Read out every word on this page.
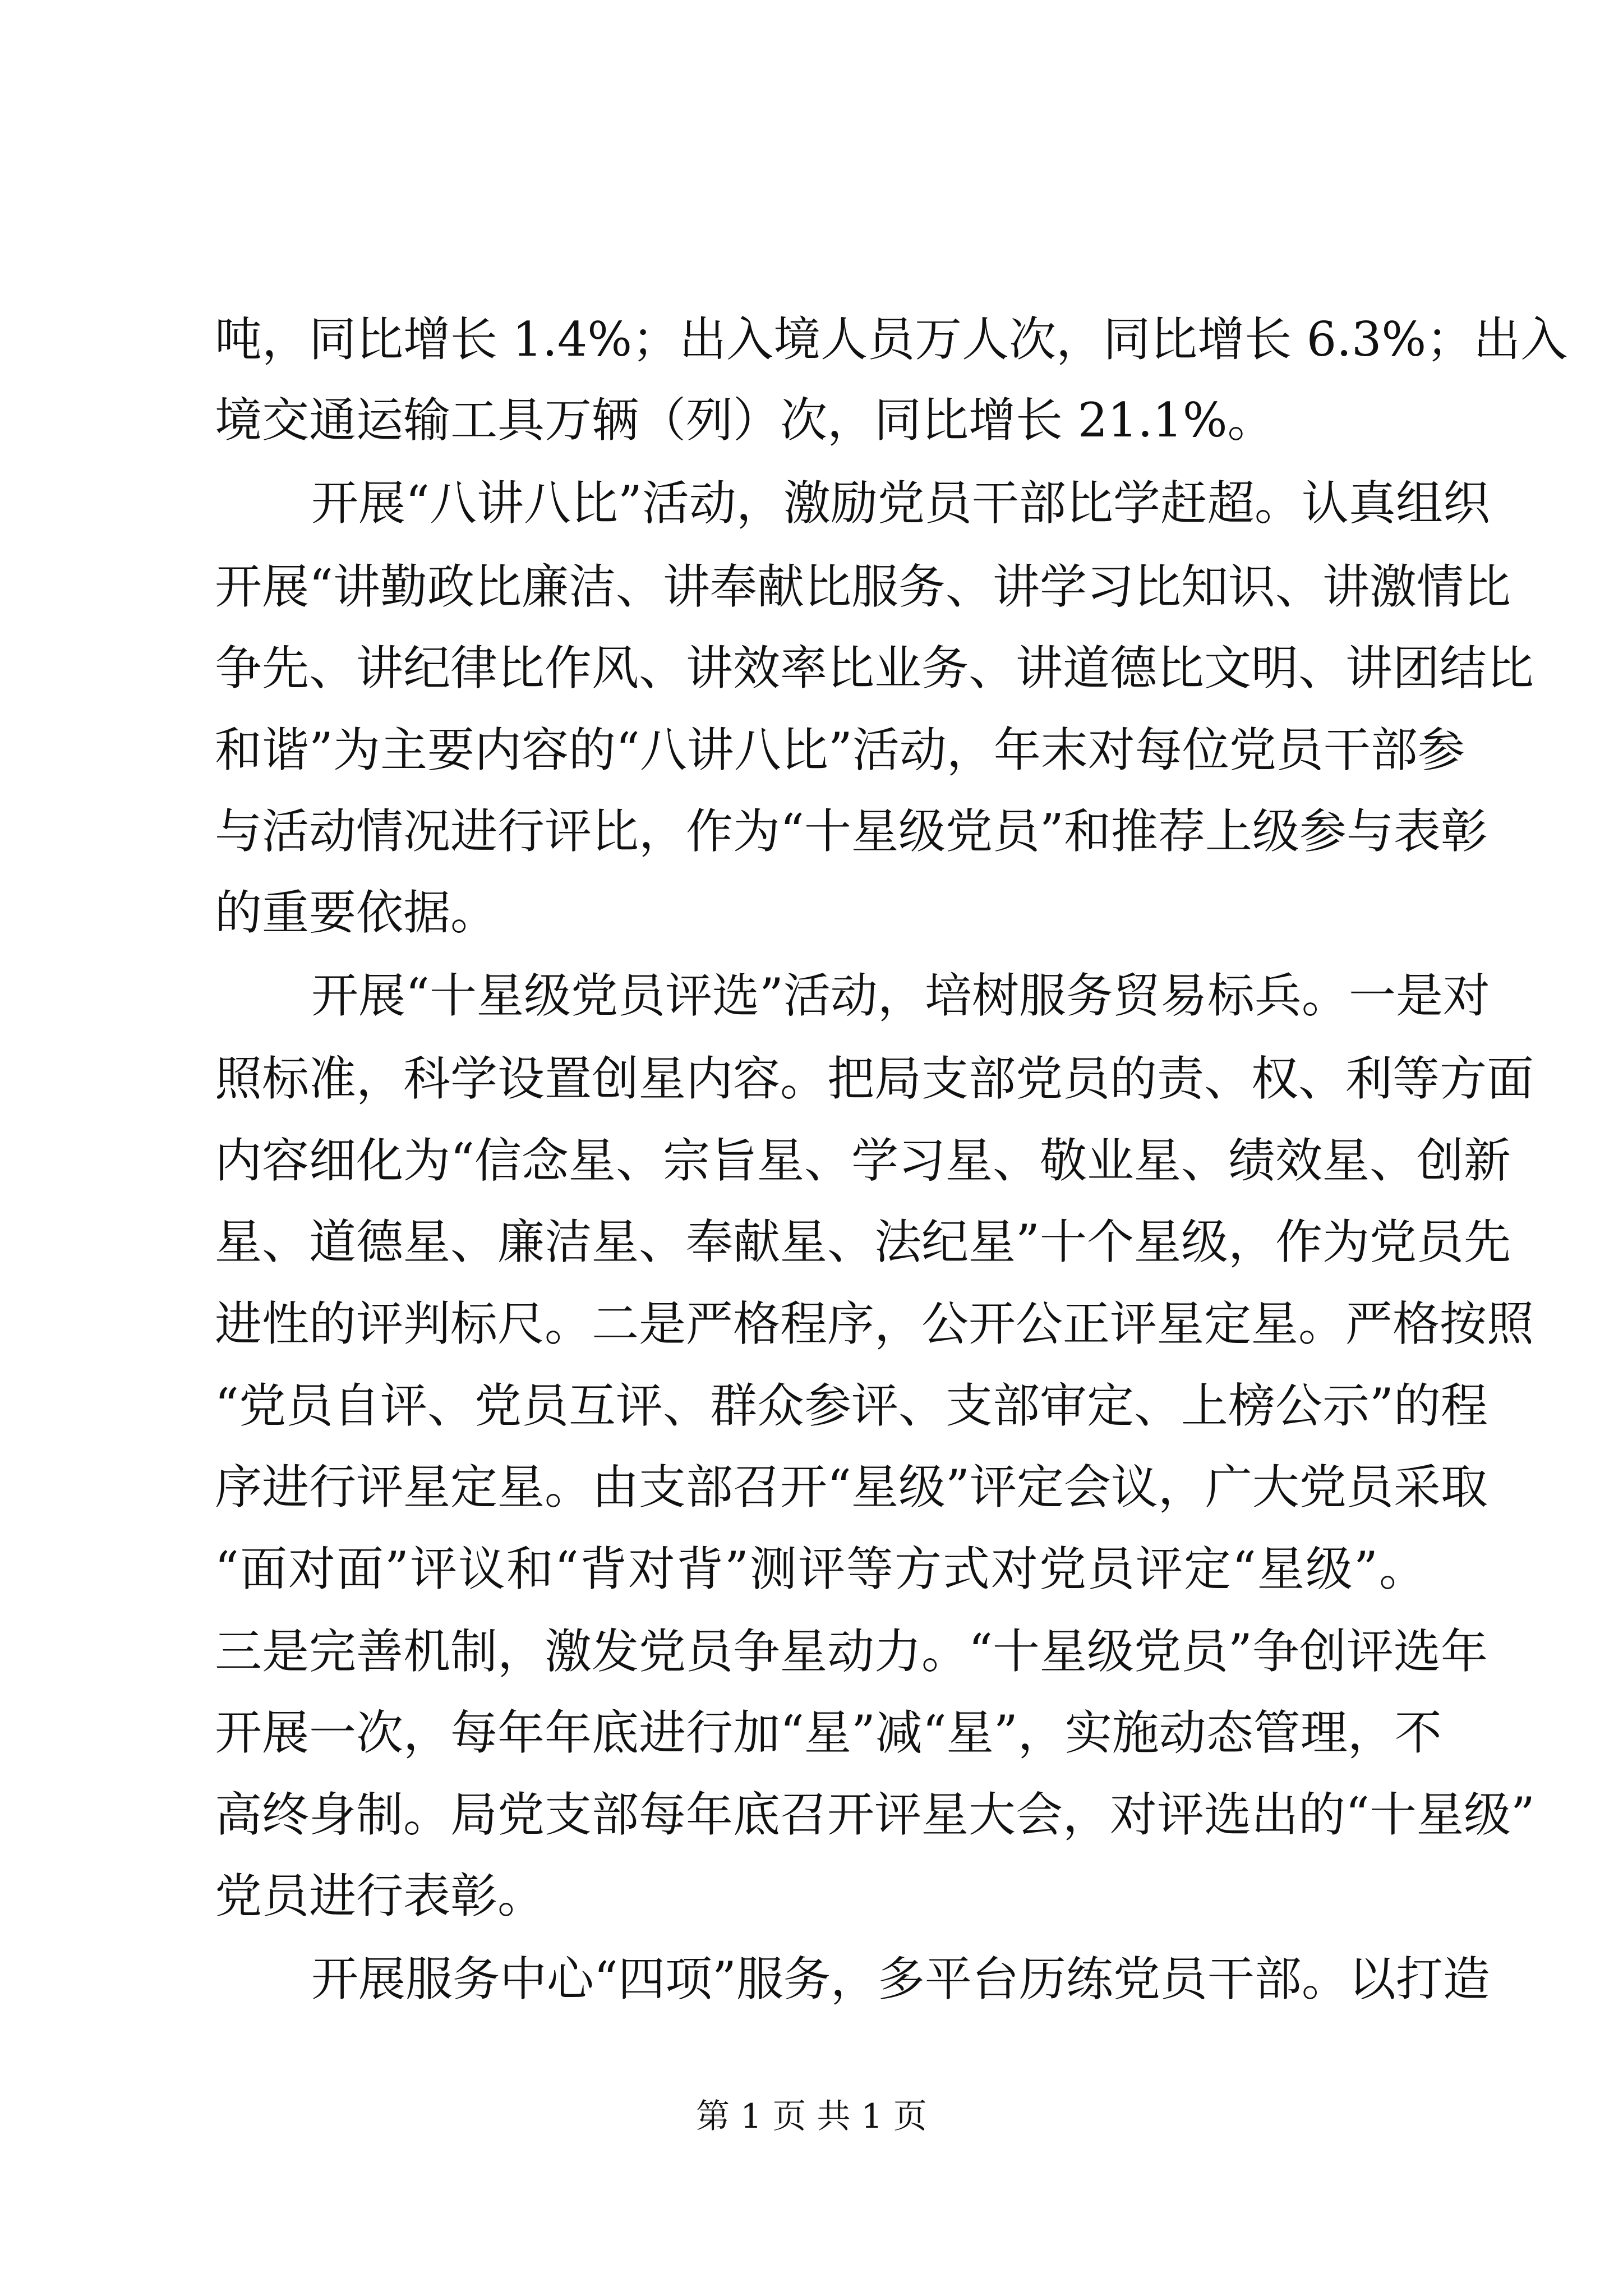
吨，同比增长 1.4%；出入境人员万人次，同比增长 6.3%；出入
境交通运输工具万辆（列）次，同比增长 21.1%。
开展“八讲八比”活动，激励党员干部比学赶超。认真组织
开展“讲勤政比廉洁、讲奉献比服务、讲学习比知识、讲激情比
争先、讲纪律比作风、讲效率比业务、讲道德比文明、讲团结比
和谐”为主要内容的“八讲八比”活动，年末对每位党员干部参
与活动情况进行评比，作为“十星级党员”和推荐上级参与表彰
的重要依据。
开展“十星级党员评选”活动，培树服务贸易标兵。一是对
照标准，科学设置创星内容。把局支部党员的责、权、利等方面
内容细化为“信念星、宗旨星、学习星、敬业星、绩效星、创新
星、道德星、廉洁星、奉献星、法纪星”十个星级，作为党员先
进性的评判标尺。二是严格程序，公开公正评星定星。严格按照
“党员自评、党员互评、群众参评、支部审定、上榜公示”的程
序进行评星定星。由支部召开“星级”评定会议，广大党员采取
“面对面”评议和“背对背”测评等方式对党员评定“星级”。
三是完善机制，激发党员争星动力。“十星级党员”争创评选年
开展一次，每年年底进行加“星”减“星”，实施动态管理，不
高终身制。局党支部每年底召开评星大会，对评选出的“十星级”
党员进行表彰。
开展服务中心“四项”服务，多平台历练党员干部。以打造
第 1 页 共 1 页
